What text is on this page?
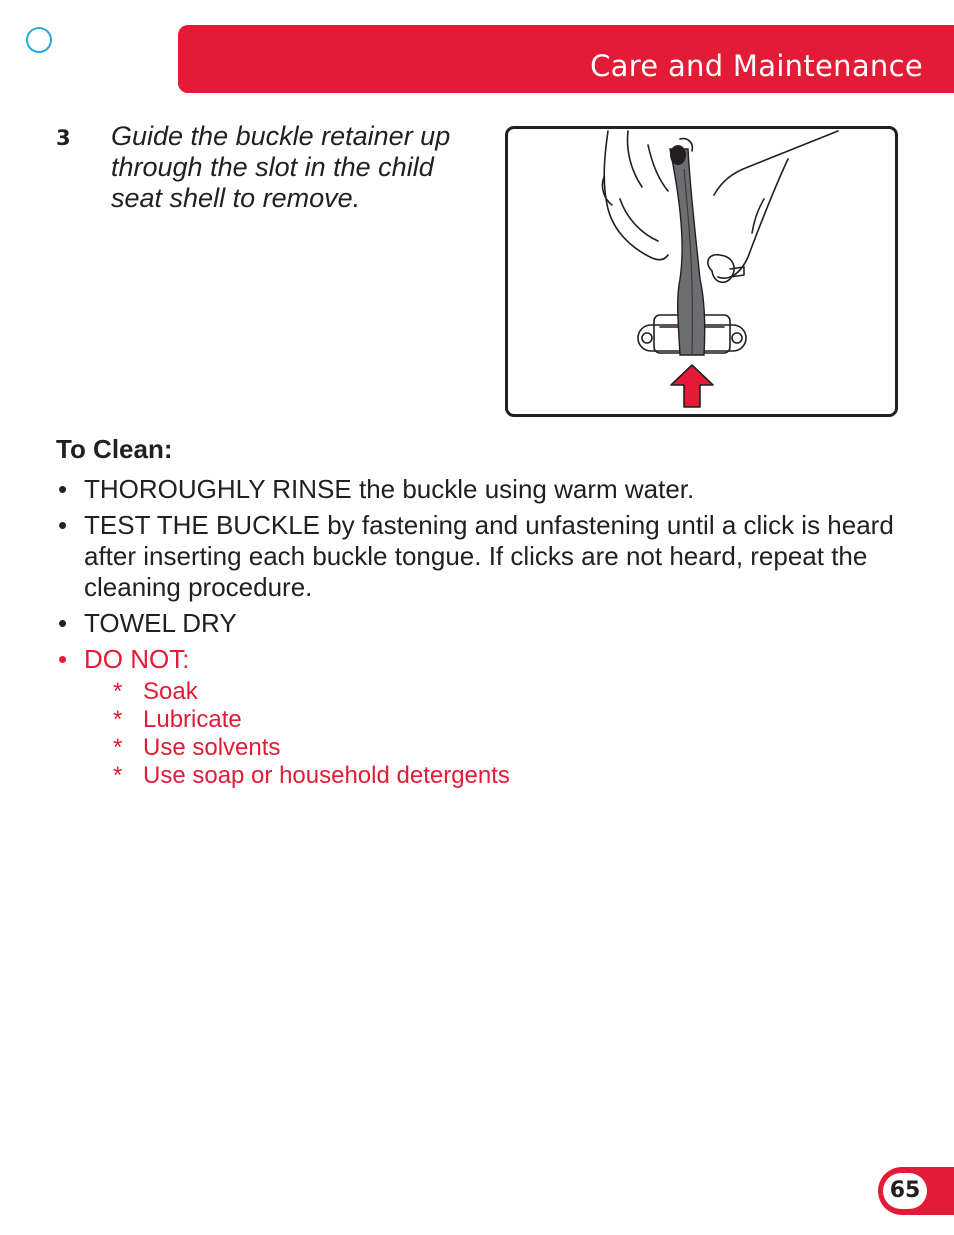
Care and Maintenance
3 Guide the buckle retainer up through the slot in the child seat shell to remove.
To Clean:
• THOROUGHLY RINSE the buckle using warm water.
• TEST THE BUCKLE by fastening and unfastening until a click is heard after inserting each buckle tongue. If clicks are not heard, repeat the cleaning procedure.
• TOWEL DRY
• DO NOT:
* Soak
* Lubricate
* Use solvents
* Use soap or household detergents
65
